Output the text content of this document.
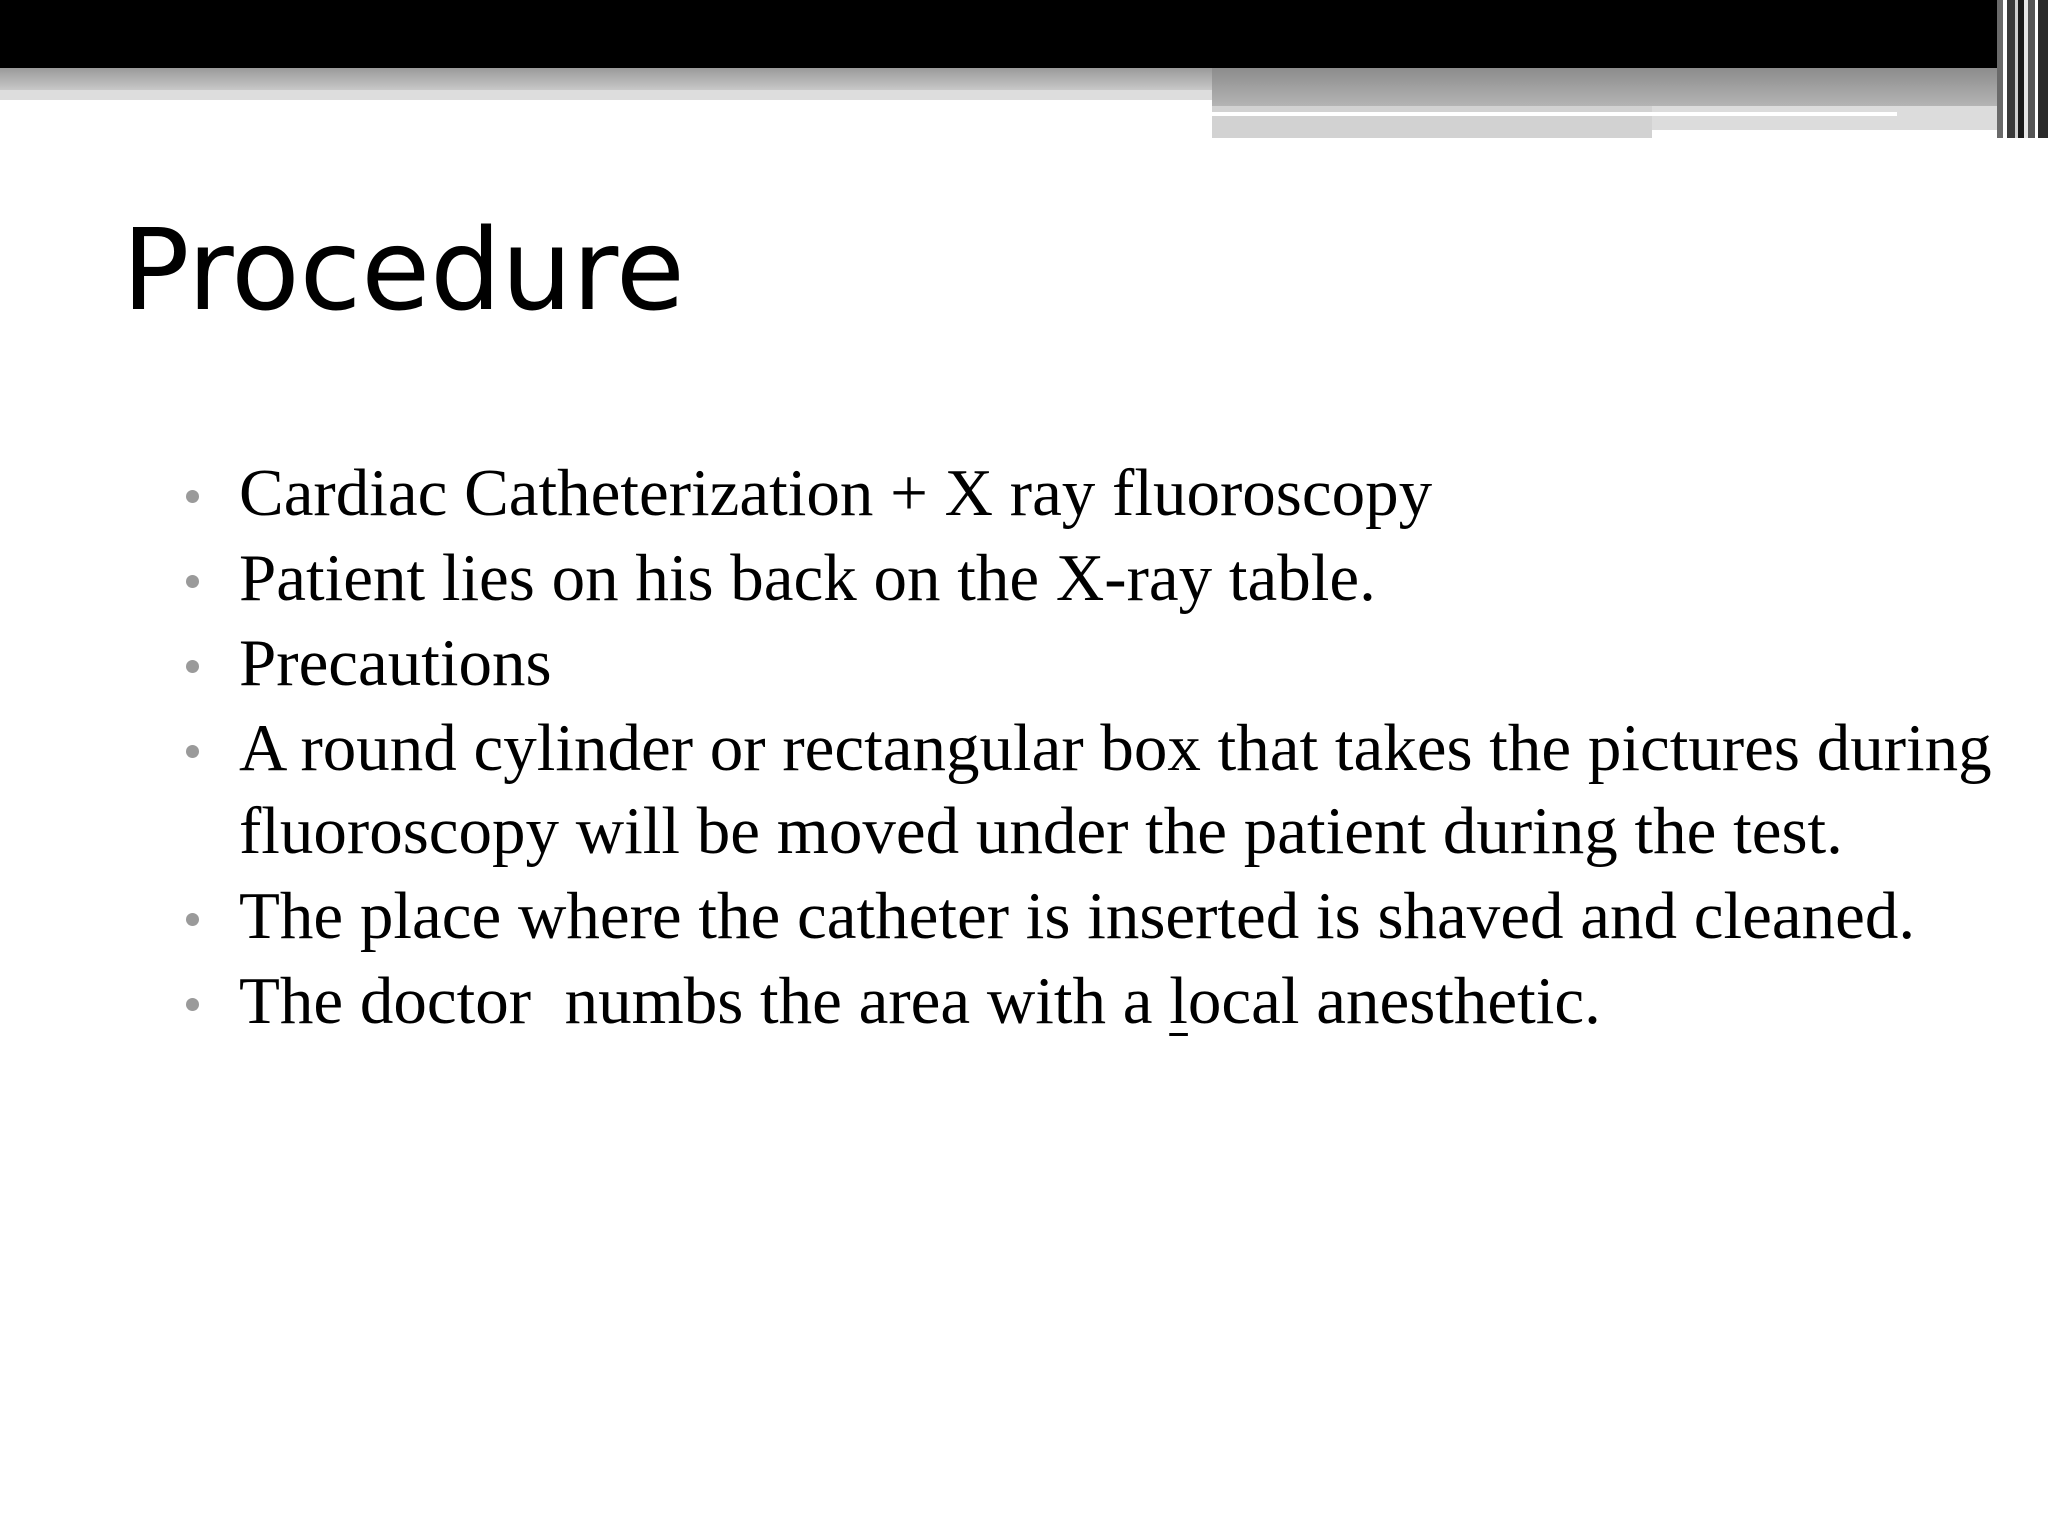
Procedure
Cardiac Catheterization + X ray fluoroscopy
Patient lies on his back on the X-ray table.
Precautions
A round cylinder or rectangular box that takes the pictures during fluoroscopy will be moved under the patient during the test.
The place where the catheter is inserted is shaved and cleaned.
The doctor  numbs the area with a local anesthetic.
